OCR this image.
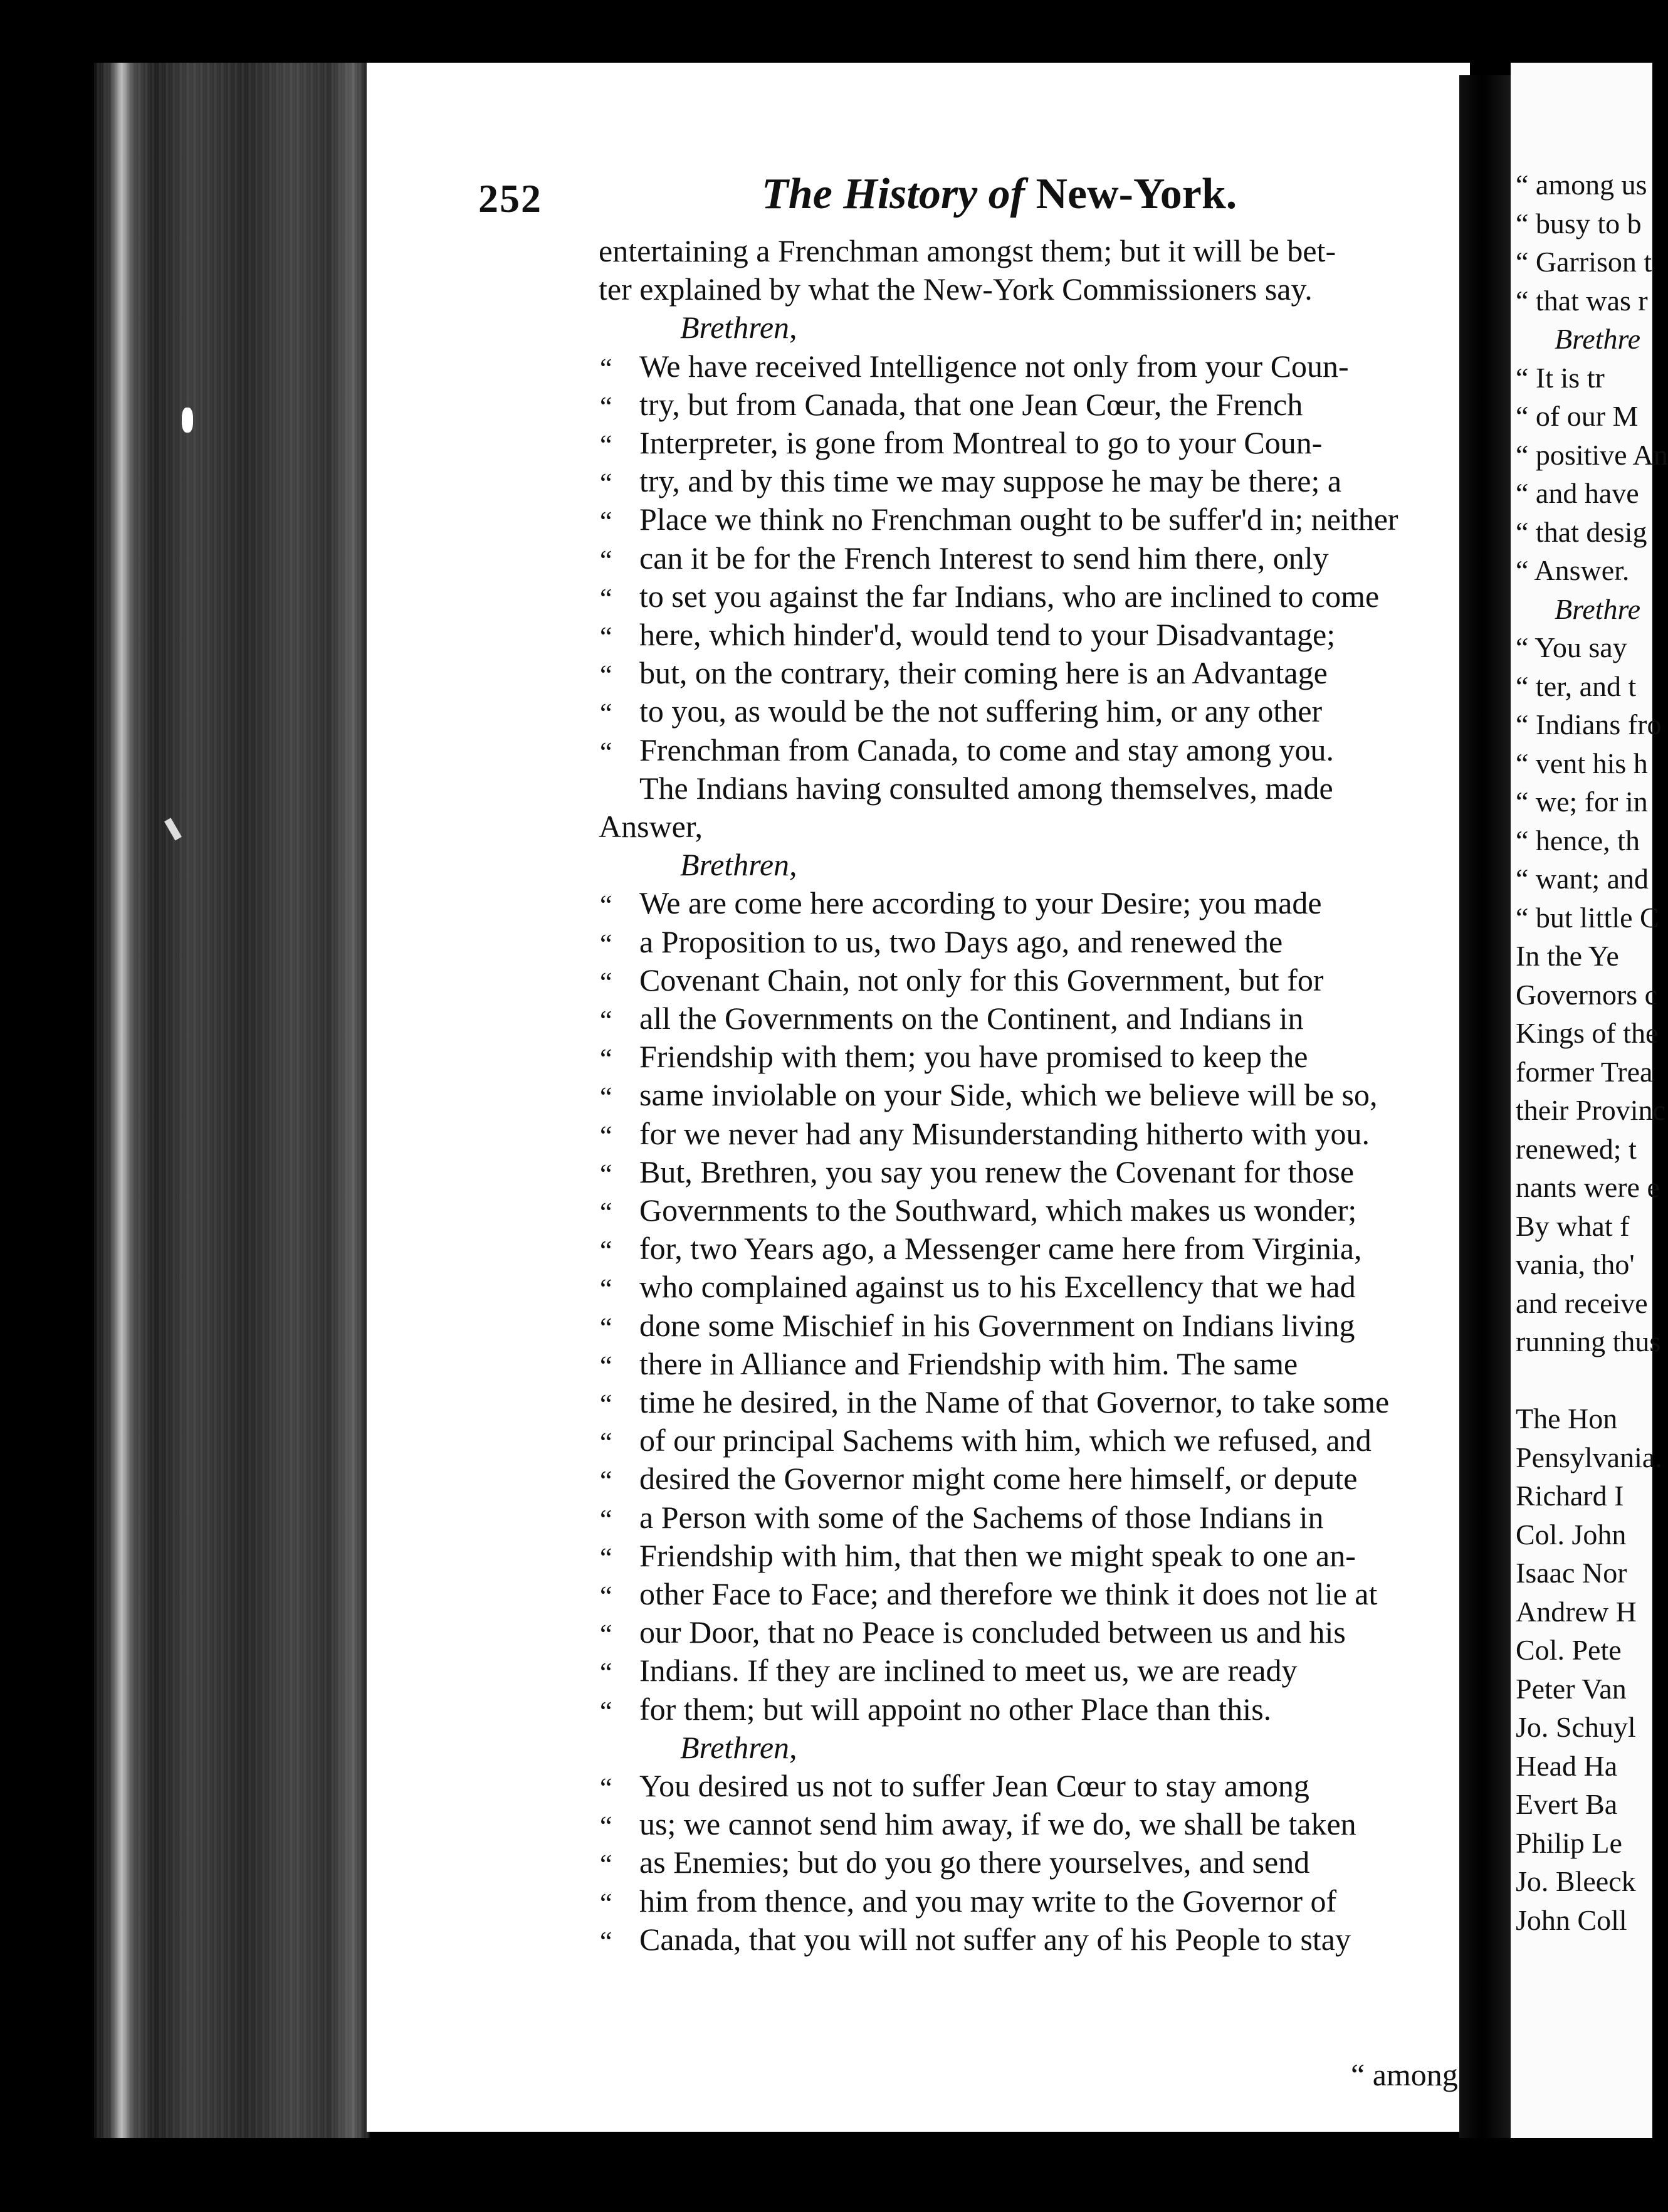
252	The History of New-York.
entertaining a Frenchman amongst them; but it will be bet-
ter explained by what the New-York Commissioners say.
Brethren,
We have received Intelligence not only from your Coun-
“
try, but from Canada, that one Jean Cœur, the French
“
Interpreter, is gone from Montreal to go to your Coun-
“
try, and by this time we may suppose he may be there; a
“
Place we think no Frenchman ought to be suffer'd in; neither
“
can it be for the French Interest to send him there, only
“
to set you against the far Indians, who are inclined to come
“
here, which hinder'd, would tend to your Disadvantage;
“
but, on the contrary, their coming here is an Advantage
“
to you, as would be the not suffering him, or any other
“
Frenchman from Canada, to come and stay among you.
“
The Indians having consulted among themselves, made
Answer,
Brethren,
We are come here according to your Desire; you made
“
a Proposition to us, two Days ago, and renewed the
“
Covenant Chain, not only for this Government, but for
“
all the Governments on the Continent, and Indians in
“
Friendship with them; you have promised to keep the
“
same inviolable on your Side, which we believe will be so,
“
for we never had any Misunderstanding hitherto with you.
“
But, Brethren, you say you renew the Covenant for those
“
Governments to the Southward, which makes us wonder;
“
for, two Years ago, a Messenger came here from Virginia,
“
who complained against us to his Excellency that we had
“
done some Mischief in his Government on Indians living
“
there in Alliance and Friendship with him. The same
“
time he desired, in the Name of that Governor, to take some
“
of our principal Sachems with him, which we refused, and
“
desired the Governor might come here himself, or depute
“
a Person with some of the Sachems of those Indians in
“
Friendship with him, that then we might speak to one an-
“
other Face to Face; and therefore we think it does not lie at
“
our Door, that no Peace is concluded between us and his
“
Indians. If they are inclined to meet us, we are ready
“
for them; but will appoint no other Place than this.
“
Brethren,
You desired us not to suffer Jean Cœur to stay among
“
us; we cannot send him away, if we do, we shall be taken
“
as Enemies; but do you go there yourselves, and send
“
him from thence, and you may write to the Governor of
“
Canada, that you will not suffer any of his People to stay
“
“ among
“ among us
“ busy to b
“ Garrison t
“ that was r
Brethre
“ It is tr
“ of our M
“ positive An
“ and have
“ that desig
“ Answer.
Brethre
“ You say
“ ter, and t
“ Indians fro
“ vent his h
“ we; for in
“ hence, th
“ want; and
“ but little C
In the Ye
Governors c
Kings of the
former Trea
their Provinc
renewed; t
nants were e
By what f
vania, tho'
and receive
running thus
The Hon
Pensylvania.
Richard I
Col. John
Isaac Nor
Andrew H
Col. Pete
Peter Van
Jo. Schuyl
Head Ha
Evert Ba
Philip Le
Jo. Bleeck
John Coll
